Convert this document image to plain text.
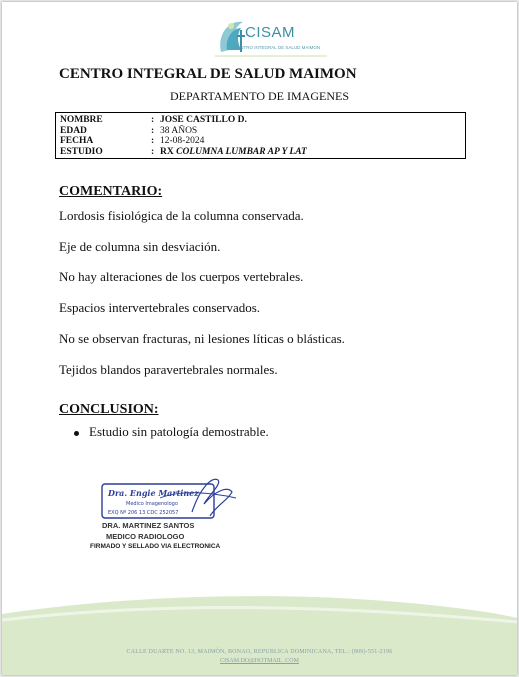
CISAM
CENTRO INTEGRAL DE SALUD MAIMON
CENTRO INTEGRAL DE SALUD MAIMON
DEPARTAMENTO DE IMAGENES
NOMBRE	: JOSE CASTILLO D.
EDAD	: 38 AÑOS
FECHA	: 12-08-2024
ESTUDIO	: RX COLUMNA LUMBAR AP Y LAT
COMENTARIO:

Lordosis fisiológica de la columna conservada.

Eje de columna sin desviación.

No hay alteraciones de los cuerpos vertebrales.

Espacios intervertebrales conservados.

No se observan fracturas, ni lesiones líticas o blásticas.

Tejidos blandos paravertebrales normales.

CONCLUSION:
Estudio sin patología demostrable.
Dra. Engie Martinez
Medico Imagenologo
EXQ Nº 206 13 CDC 252057
DRA. MARTINEZ SANTOS
MEDICO RADIOLOGO
FIRMADO Y SELLADO VIA ELECTRONICA
CALLE DUARTE NO. 13, MAIMÓN, BONAO, REPUBLICA DOMINICANA, TEL.: (809)-551-2196
CISAM.DO@HOTMAIL .COM
